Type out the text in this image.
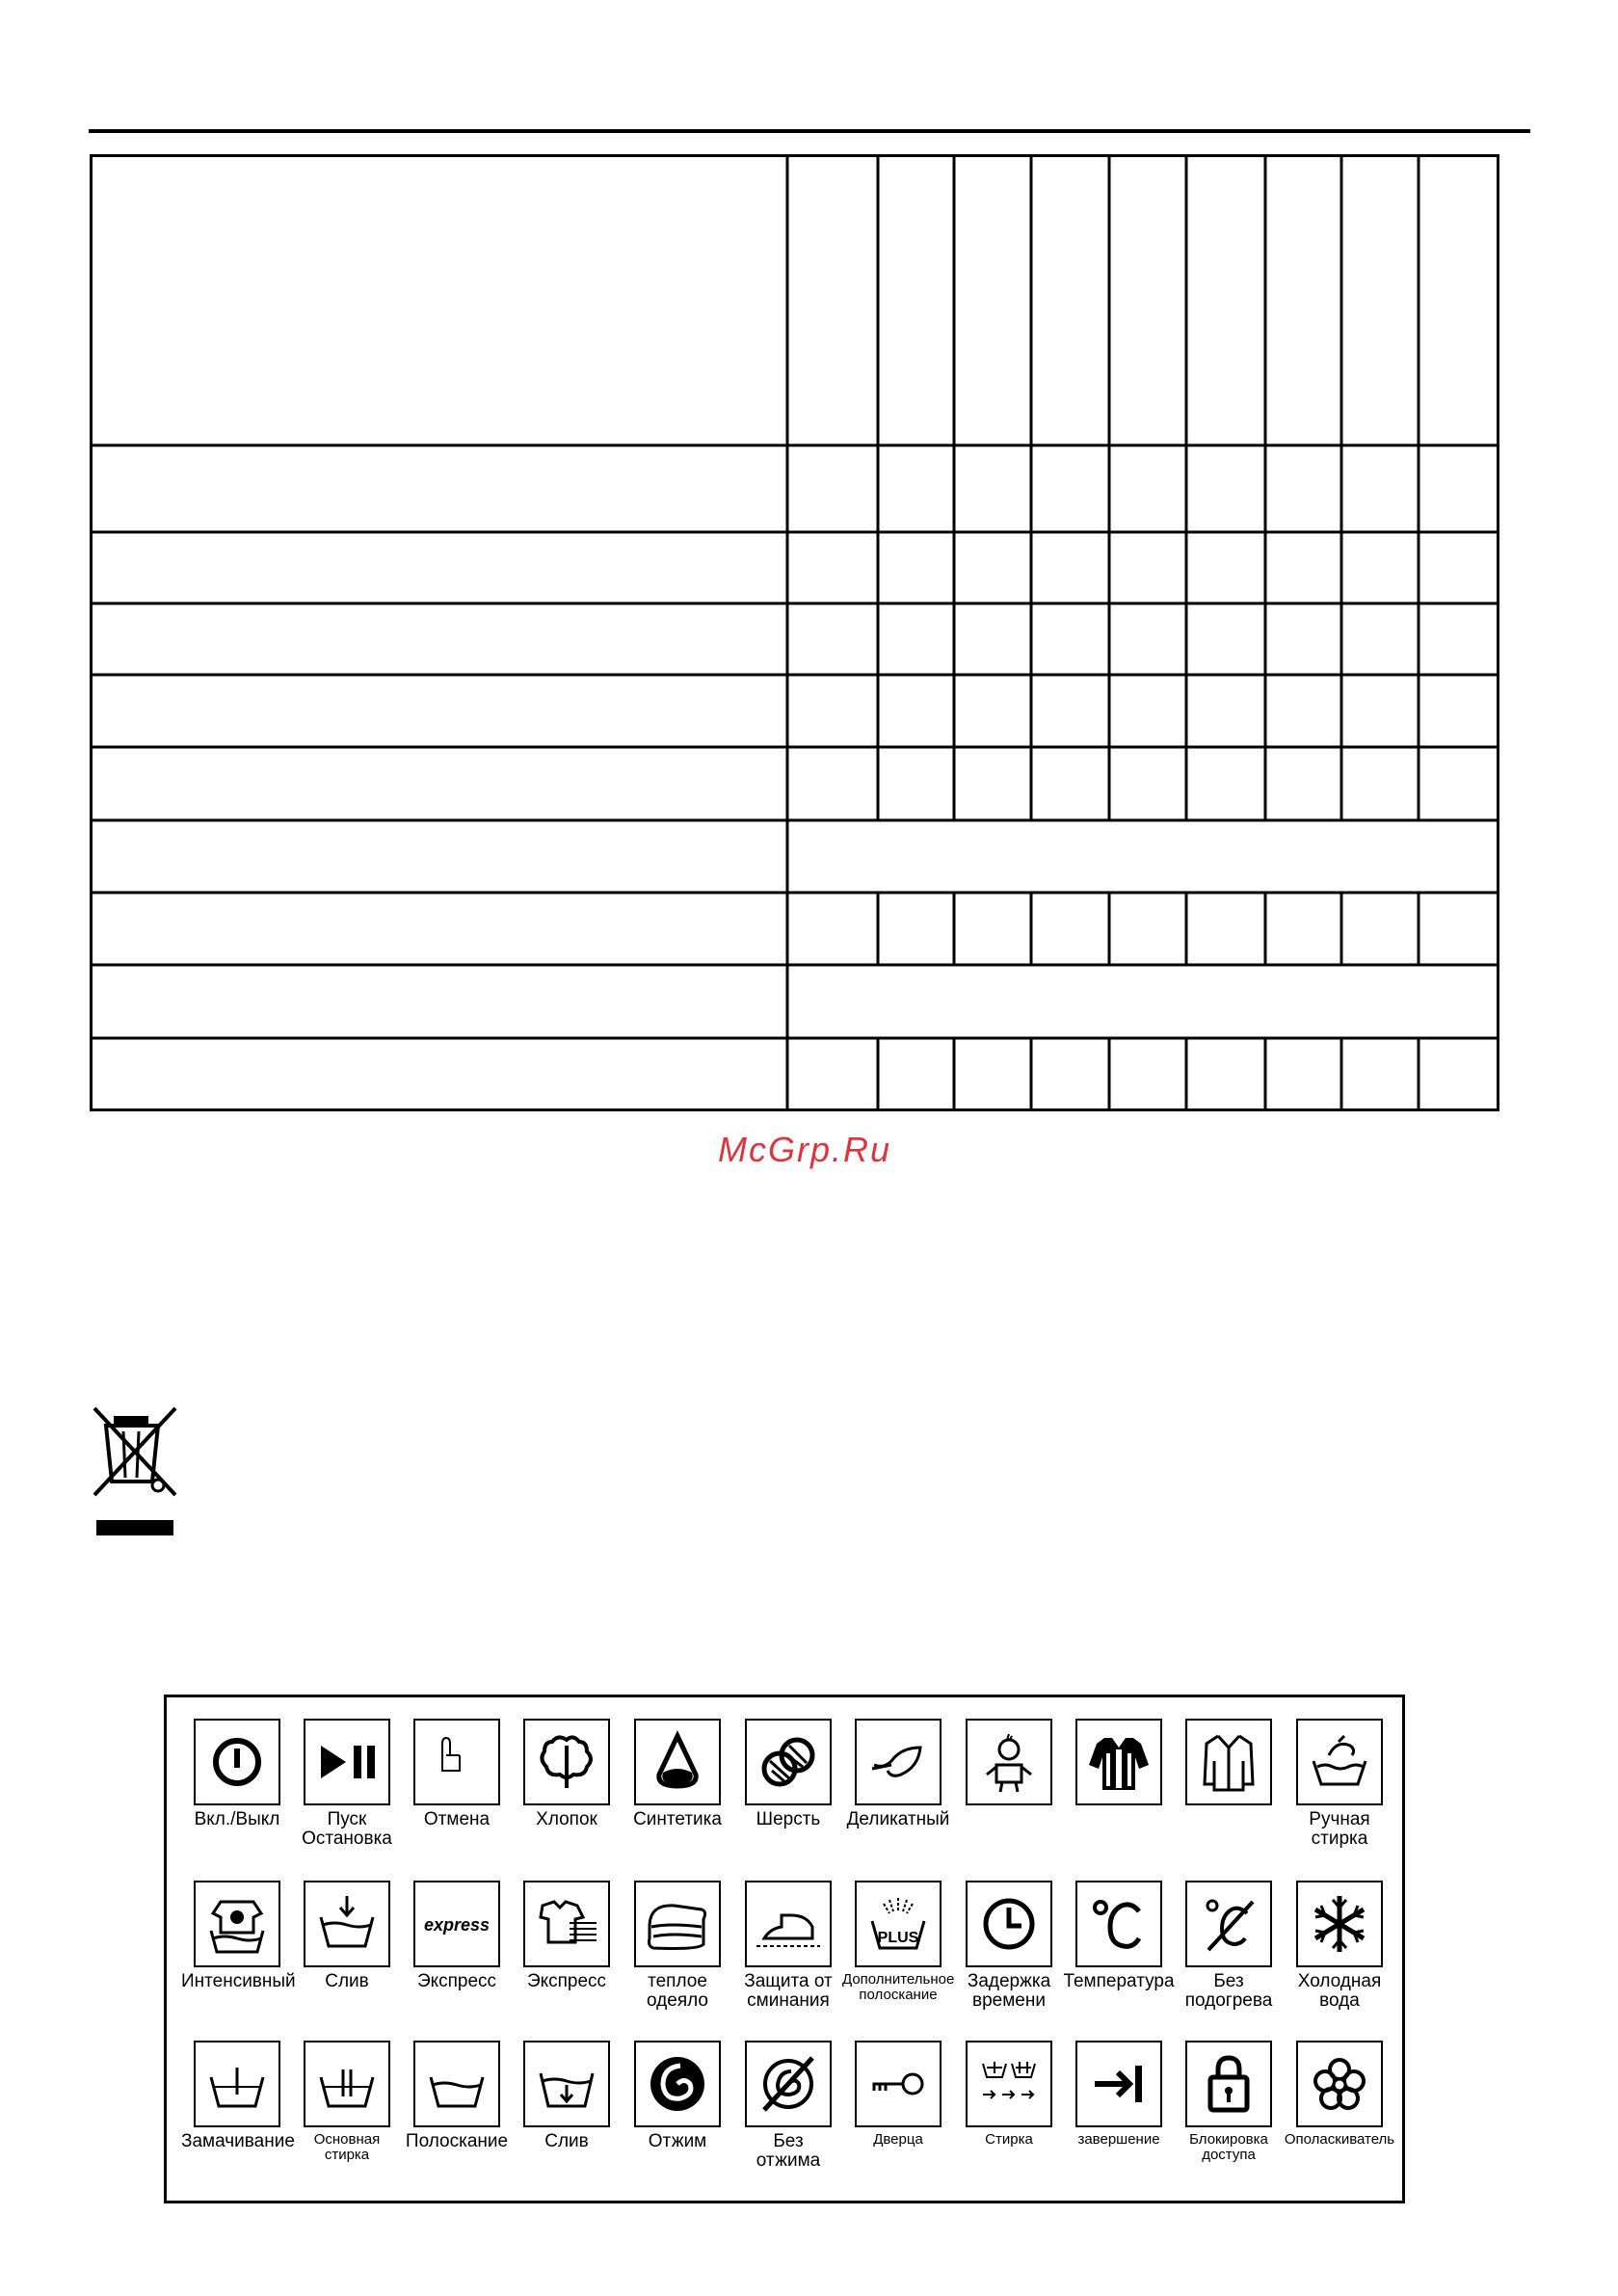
McGrp.Ru
Вкл./Выкл	Пуск
Остановка
Отмена	Хлопок	Синтетика	Шерсть	Деликатный	Ручная
стирка
Интенсивный	Слив
express
Экспресс	Экспресс	теплое
одеяло
Защита от
сминания
PLUS
Дополнительное
полоскание
Задержка
времени
Температура	Без
подогрева
Холодная
вода
Замачивание	Основная
стирка
Полоскание	Слив	Отжим	Без
отжима
Дверца	Стирка	завершение	Блокировка
доступа
Ополаскиватель
